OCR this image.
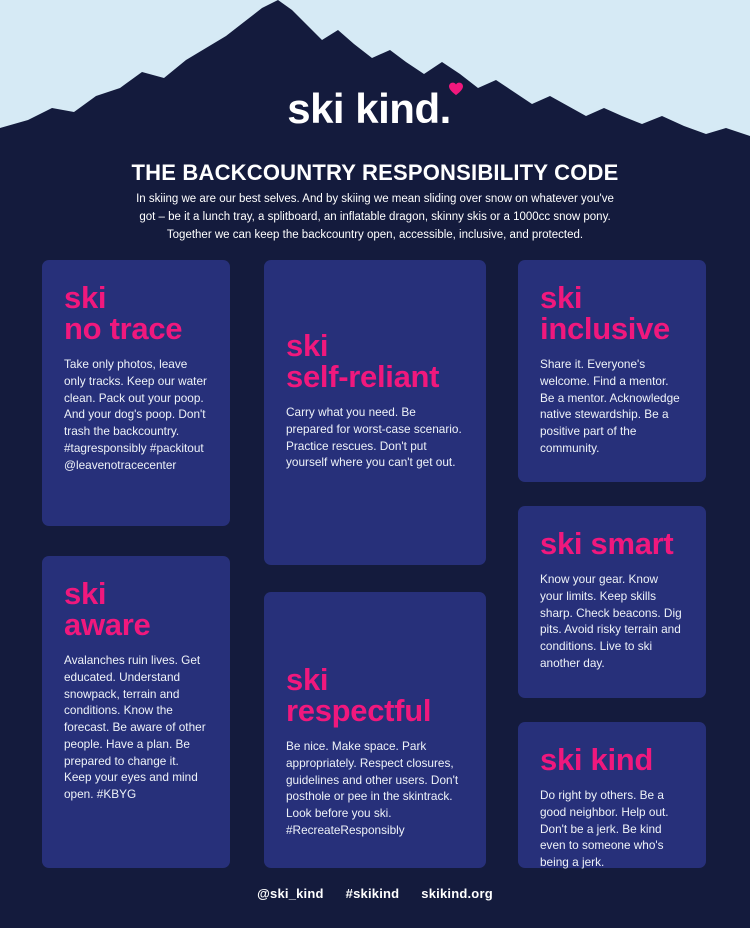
ski kind.
THE BACKCOUNTRY RESPONSIBILITY CODE
In skiing we are our best selves. And by skiing we mean sliding over snow on whatever you've
got – be it a lunch tray, a splitboard, an inflatable dragon, skinny skis or a 1000cc snow pony.
Together we can keep the backcountry open, accessible, inclusive, and protected.
ski
no trace

Take only photos, leave only tracks. Keep our water clean. Pack out your poop. And your dog's poop. Don't trash the backcountry. #tagresponsibly #packitout @leavenotracecenter

ski
aware

Avalanches ruin lives. Get educated. Understand snowpack, terrain and conditions. Know the forecast. Be aware of other people. Have a plan. Be prepared to change it. Keep your eyes and mind open. #KBYG

ski
self-reliant

Carry what you need. Be prepared for worst-case scenario. Practice rescues. Don't put yourself where you can't get out.

ski
respectful

Be nice. Make space. Park appropriately. Respect closures, guidelines and other users. Don't posthole or pee in the skintrack. Look before you ski. #RecreateResponsibly

ski
inclusive

Share it. Everyone's welcome. Find a mentor. Be a mentor. Acknowledge native stewardship. Be a positive part of the community.

ski smart

Know your gear. Know your limits. Keep skills sharp. Check beacons. Dig pits. Avoid risky terrain and conditions. Live to ski another day.

ski kind

Do right by others. Be a good neighbor. Help out. Don't be a jerk. Be kind even to someone who's being a jerk.

@ski_kind #skikind skikind.org
